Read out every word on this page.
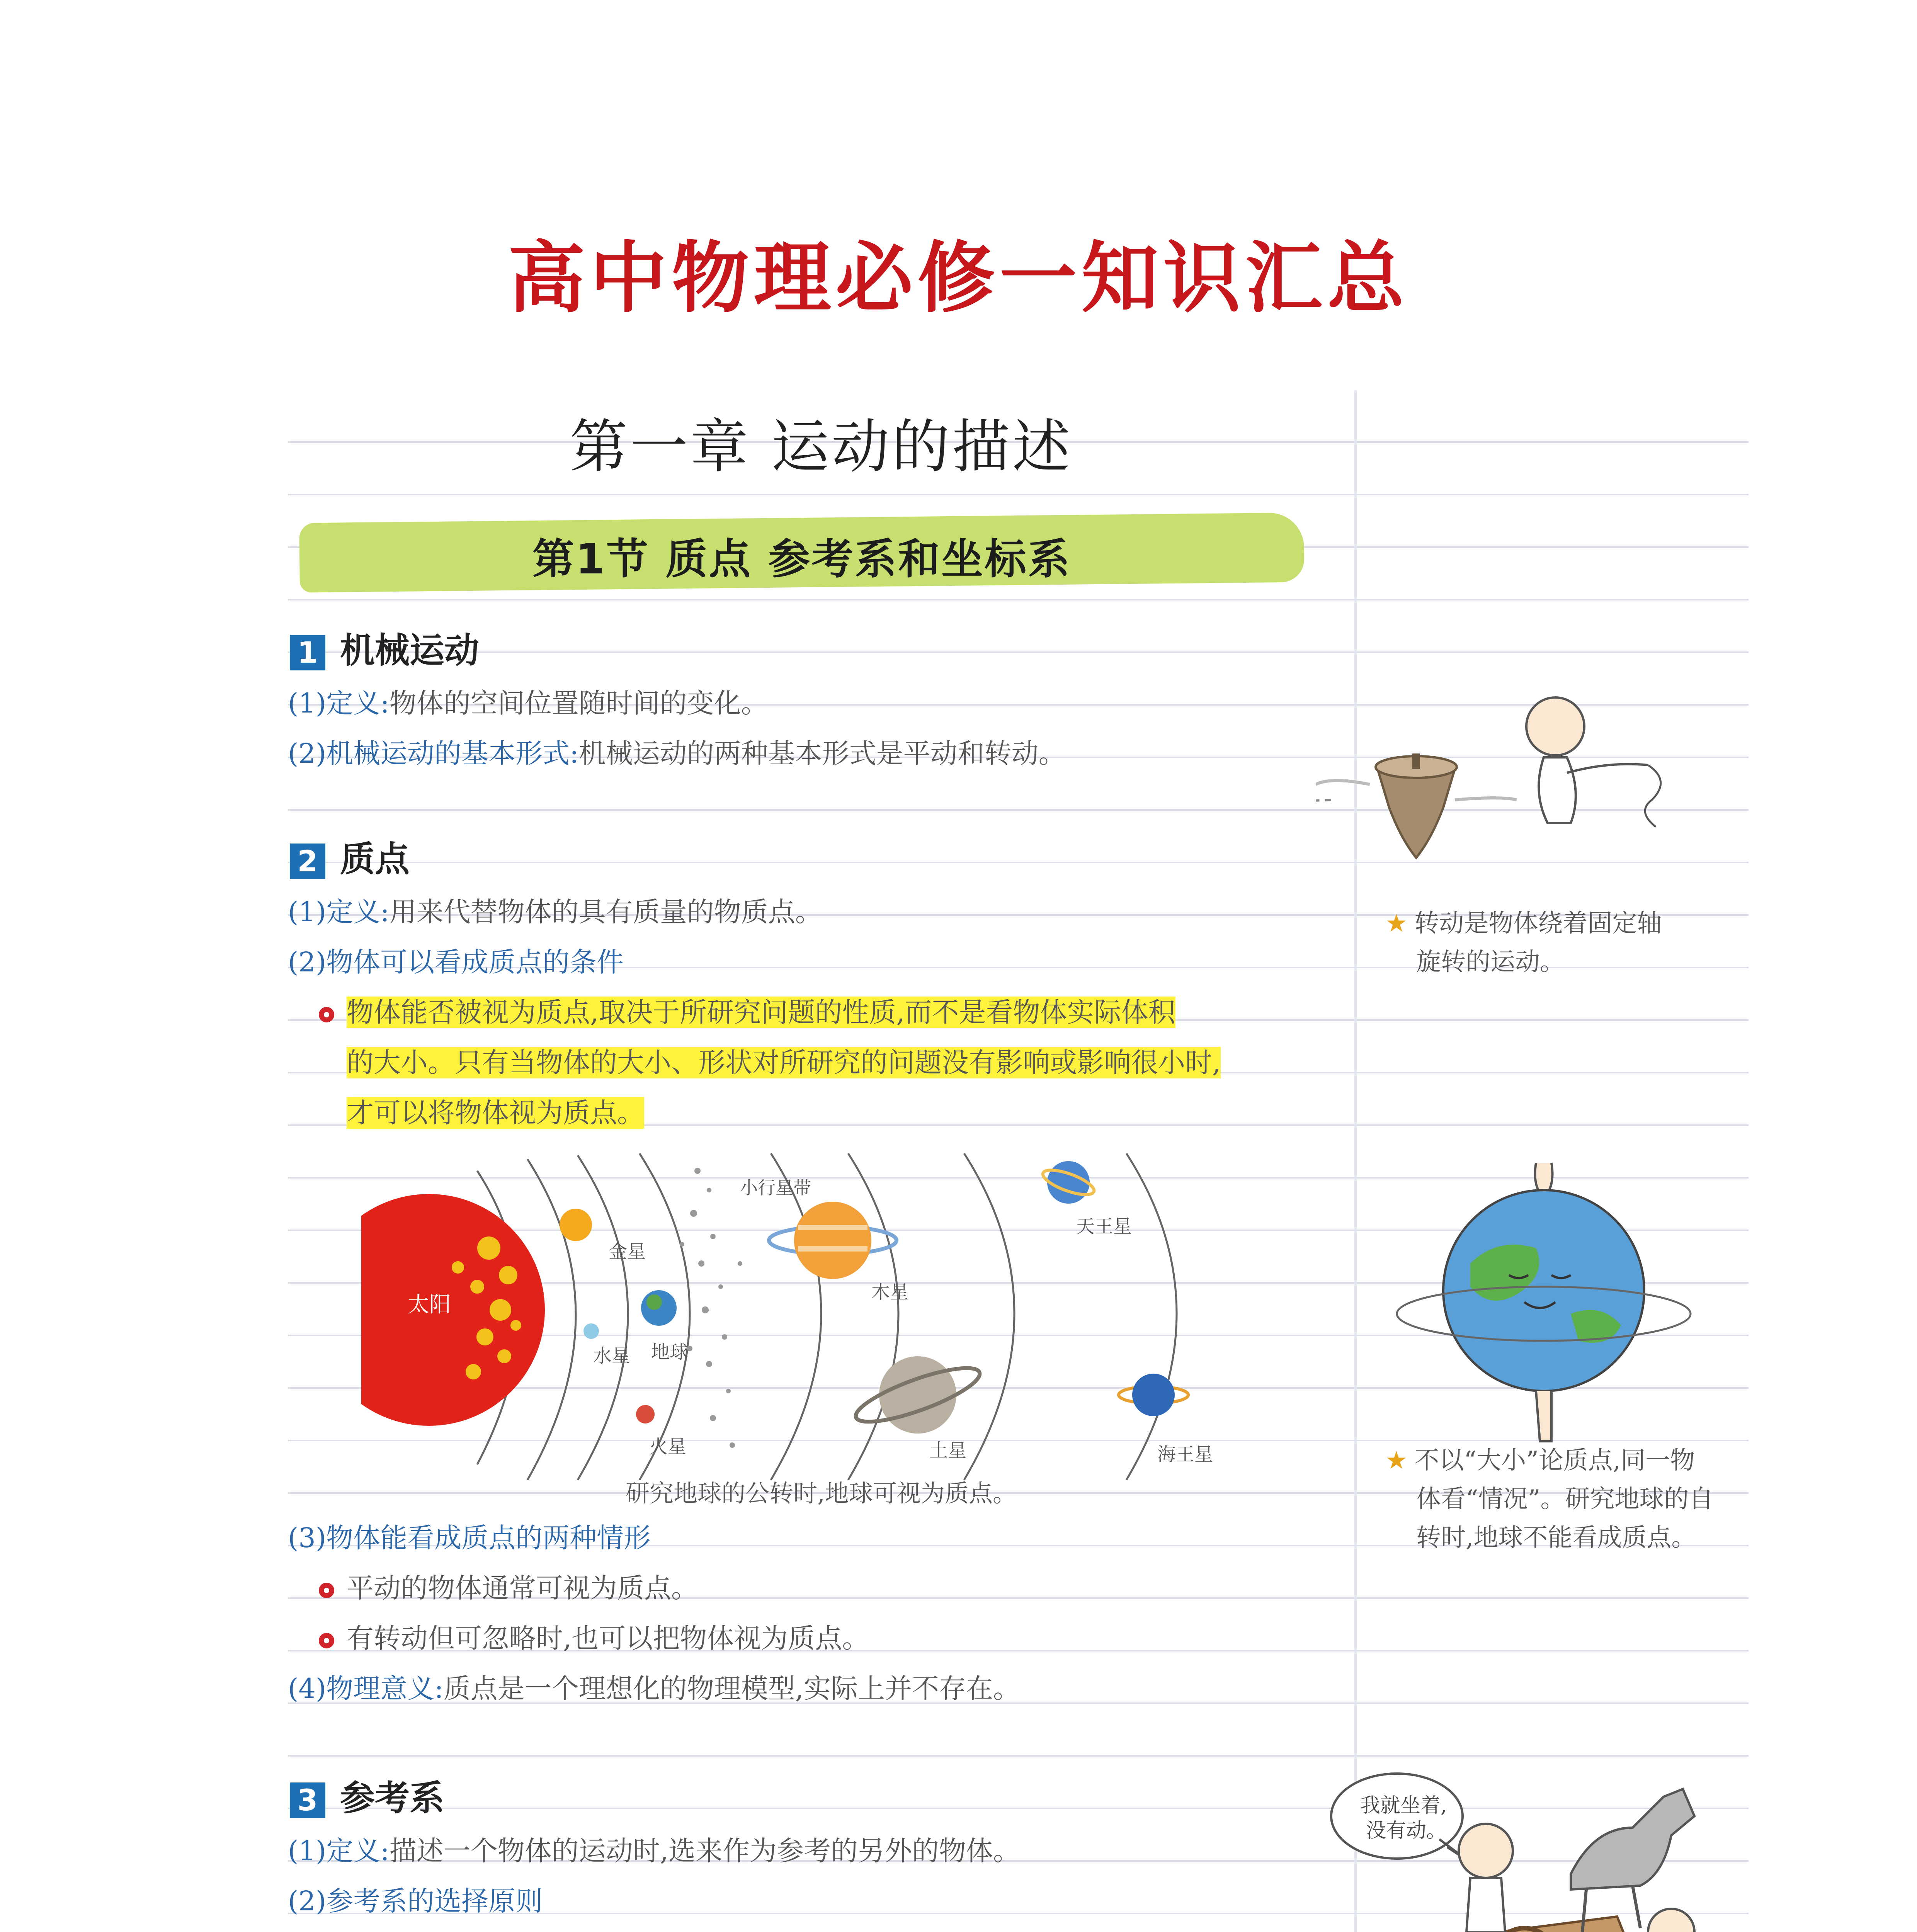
高中物理必修一知识汇总
第一章 运动的描述
第1节 质点 参考系和坐标系
1 机械运动
(1)定义:物体的空间位置随时间的变化。
(2)机械运动的基本形式:机械运动的两种基本形式是平动和转动。
2 质点
(1)定义:用来代替物体的具有质量的物质点。
(2)物体可以看成质点的条件
物体能否被视为质点,取决于所研究问题的性质,而不是看物体实际体积
的大小。只有当物体的大小、形状对所研究的问题没有影响或影响很小时,
才可以将物体视为质点。
太阳
水星
金星
地球
火星
小行星带
木星
土星
天王星
海王星
研究地球的公转时,地球可视为质点。
(3)物体能看成质点的两种情形
平动的物体通常可视为质点。
有转动但可忽略时,也可以把物体视为质点。
(4)物理意义:质点是一个理想化的物理模型,实际上并不存在。
3 参考系
(1)定义:描述一个物体的运动时,选来作为参考的另外的物体。
(2)参考系的选择原则
★ 转动是物体绕着固定轴
旋转的运动。
★ 不以“大小”论质点,同一物
体看“情况”。研究地球的自
转时,地球不能看成质点。
我就坐着,
没有动。
